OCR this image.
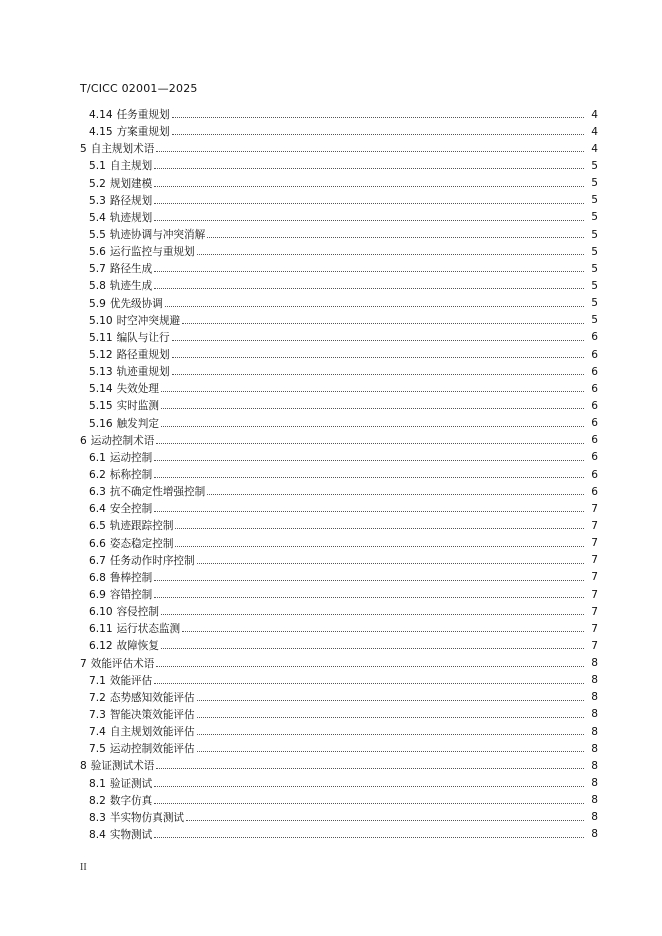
T/CICC 02001—2025
4.14 任务重规划	4
4.15 方案重规划	4
5 自主规划术语	4
5.1 自主规划	5
5.2 规划建模	5
5.3 路径规划	5
5.4 轨迹规划	5
5.5 轨迹协调与冲突消解	5
5.6 运行监控与重规划	5
5.7 路径生成	5
5.8 轨迹生成	5
5.9 优先级协调	5
5.10 时空冲突规避	5
5.11 编队与让行	6
5.12 路径重规划	6
5.13 轨迹重规划	6
5.14 失效处理	6
5.15 实时监测	6
5.16 触发判定	6
6 运动控制术语	6
6.1 运动控制	6
6.2 标称控制	6
6.3 抗不确定性增强控制	6
6.4 安全控制	7
6.5 轨迹跟踪控制	7
6.6 姿态稳定控制	7
6.7 任务动作时序控制	7
6.8 鲁棒控制	7
6.9 容错控制	7
6.10 容侵控制	7
6.11 运行状态监测	7
6.12 故障恢复	7
7 效能评估术语	8
7.1 效能评估	8
7.2 态势感知效能评估	8
7.3 智能决策效能评估	8
7.4 自主规划效能评估	8
7.5 运动控制效能评估	8
8 验证测试术语	8
8.1 验证测试	8
8.2 数字仿真	8
8.3 半实物仿真测试	8
8.4 实物测试	8
II
